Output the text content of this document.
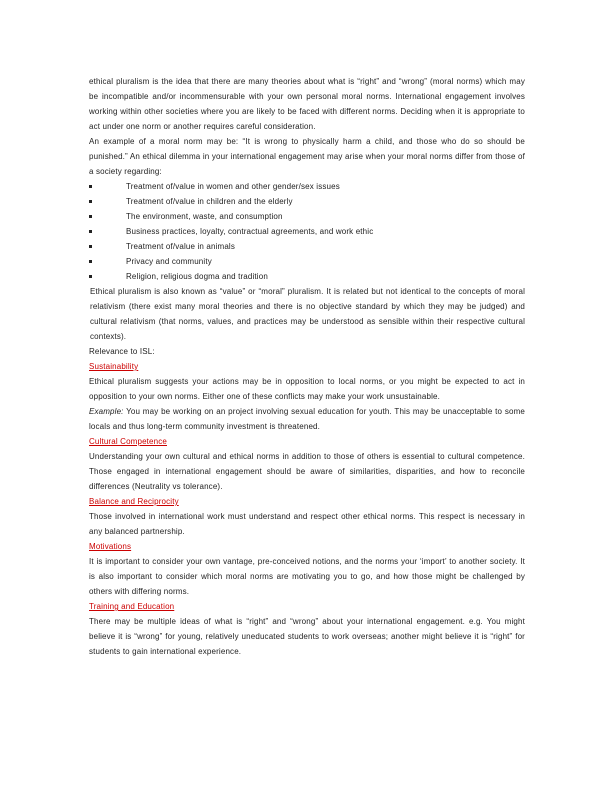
ethical pluralism is the idea that there are many theories about what is “right” and “wrong” (moral norms) which may be incompatible and/or incommensurable with your own personal moral norms. International engagement involves working within other societies where you are likely to be faced with different norms. Deciding when it is appropriate to act under one norm or another requires careful consideration.

An example of a moral norm may be: “It is wrong to physically harm a child, and those who do so should be punished.” An ethical dilemma in your international engagement may arise when your moral norms differ from those of a society regarding:

Treatment of/value in women and other gender/sex issues
Treatment of/value in children and the elderly
The environment, waste, and consumption
Business practices, loyalty, contractual agreements, and work ethic
Treatment of/value in animals
Privacy and community
Religion, religious dogma and tradition

Ethical pluralism is also known as “value” or “moral” pluralism. It is related but not identical to the concepts of moral relativism (there exist many moral theories and there is no objective standard by which they may be judged) and cultural relativism (that norms, values, and practices may be understood as sensible within their respective cultural contexts).

Relevance to ISL:

Sustainability

Ethical pluralism suggests your actions may be in opposition to local norms, or you might be expected to act in opposition to your own norms. Either one of these conflicts may make your work unsustainable.

Example: You may be working on an project involving sexual education for youth. This may be unacceptable to some locals and thus long-term community investment is threatened.

Cultural Competence

Understanding your own cultural and ethical norms in addition to those of others is essential to cultural competence. Those engaged in international engagement should be aware of similarities, disparities, and how to reconcile differences (Neutrality vs tolerance).

Balance and Reciprocity

Those involved in international work must understand and respect other ethical norms. This respect is necessary in any balanced partnership.

Motivations

It is important to consider your own vantage, pre-conceived notions, and the norms your ‘import’ to another society. It is also important to consider which moral norms are motivating you to go, and how those might be challenged by others with differing norms.

Training and Education

There may be multiple ideas of what is “right” and “wrong” about your international engagement. e.g. You might believe it is “wrong” for young, relatively uneducated students to work overseas; another might believe it is “right” for students to gain international experience.
